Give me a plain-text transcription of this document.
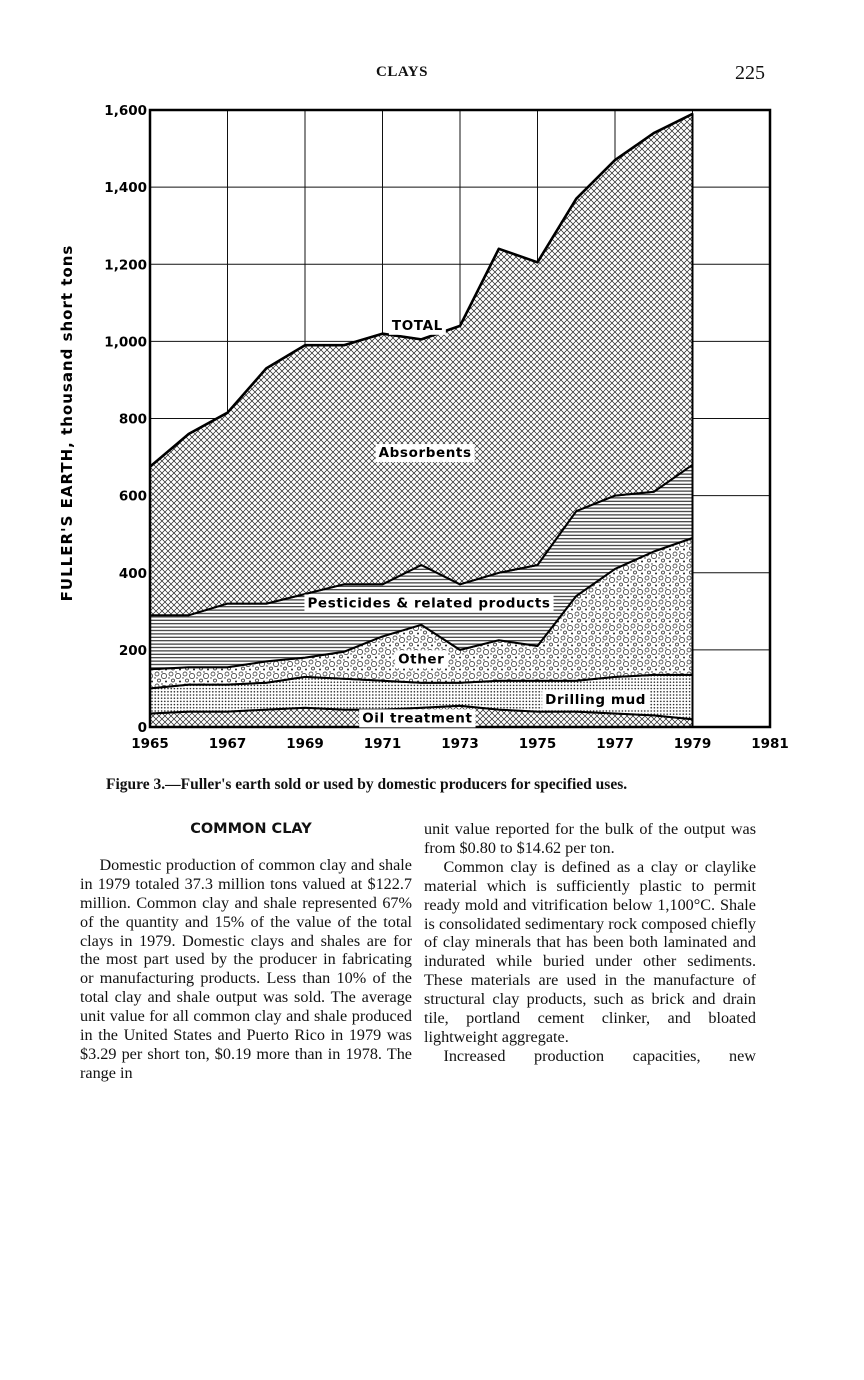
CLAYS	225
0
200
400
600
800
1,000
1,200
1,400
1,600
1965	1967	1969	1971	1973	1975	1977	1979	1981
FULLER'S EARTH, thousand short tons	TOTAL
Absorbents
Pesticides & related products
Other
Drilling mud
Oil treatment
Figure 3.—Fuller's earth sold or used by domestic producers for specified uses.
COMMON CLAY

Domestic production of common clay and shale in 1979 totaled 37.3 million tons valued at $122.7 million. Common clay and shale represented 67% of the quantity and 15% of the value of the total clays in 1979. Domestic clays and shales are for the most part used by the producer in fabricating or manufacturing products. Less than 10% of the total clay and shale output was sold. The average unit value for all common clay and shale produced in the United States and Puerto Rico in 1979 was $3.29 per short ton, $0.19 more than in 1978. The range in

unit value reported for the bulk of the output was from $0.80 to $14.62 per ton.

Common clay is defined as a clay or claylike material which is sufficiently plastic to permit ready mold and vitrification below 1,100°C. Shale is consolidated sedimentary rock composed chiefly of clay minerals that has been both laminated and indurated while buried under other sediments. These materials are used in the manufacture of structural clay products, such as brick and drain tile, portland cement clinker, and bloated lightweight aggregate.

Increased production capacities, new
